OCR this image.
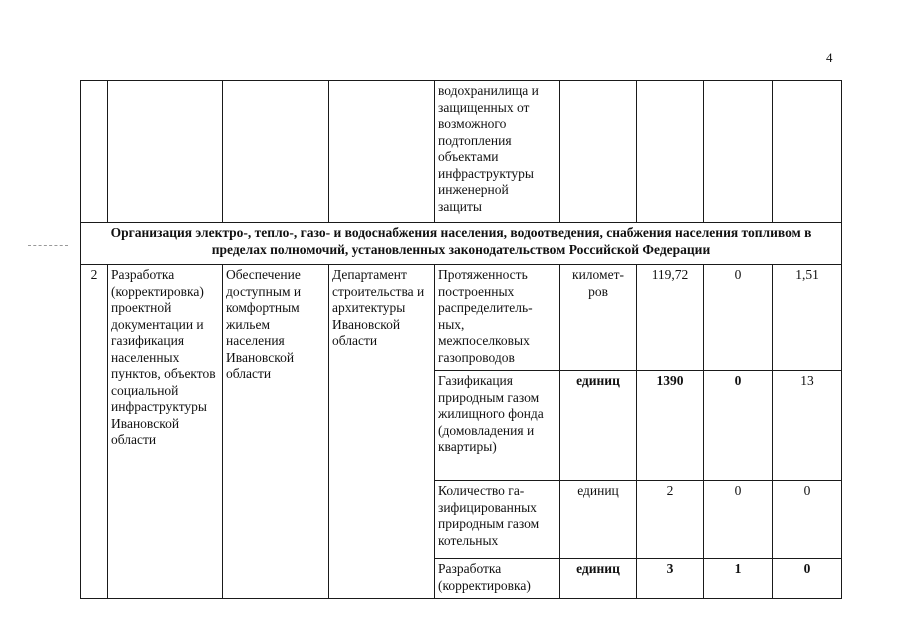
4
				водохранилища и защищенных от возможного подтопления объектами инфраструктуры инженерной защиты				
Организация электро-, тепло-, газо- и водоснабжения населения, водоотведения, снабжения населения топливом в пределах полномочий, установленных законодательством Российской Федерации								
2	Разработка (корректировка) проектной документации и газификация населенных пунктов, объектов социальной инфраструктуры Ивановской области	Обеспечение доступным и комфортным жильем населения Ивановской области	Департамент строительства и архитектуры Ивановской области	Протяженность построенных распределитель-ных, межпоселковых газопроводов	километ-ров	119,72	0	1,51
				Газификация природным газом жилищного фонда (домовладения и квартиры)	единиц	1390	0	13
				Количество га-зифицированных природным газом котельных	единиц	2	0	0
				Разработка (корректировка)	единиц	3	1	0
